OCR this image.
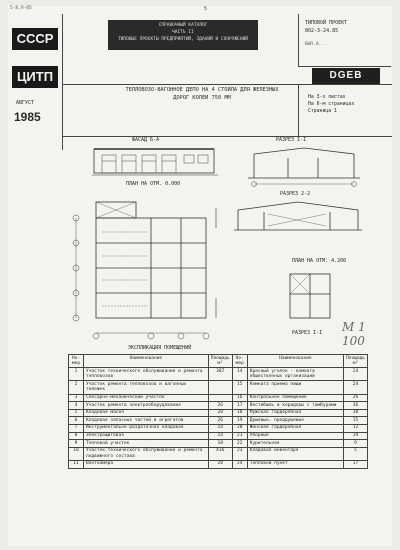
5-8,9-85	5
СССР
ЦИТП
АВГУСТ
1985
СПРАВОЧНЫЙ КАТАЛОГ
ЧАСТЬ II
ТИПОВЫЕ ПРОЕКТЫ ПРЕДПРИЯТИЙ, ЗДАНИЙ И СООРУЖЕНИЙ
ТИПОВОЙ ПРОЕКТ
802-3-24.85
ВЫП.0...
DGEB
ТЕПЛОВОЗО-ВАГОННОЕ ДЕПО НА 4 СТОЙЛА ДЛЯ ЖЕЛЕЗНЫХ
ДОРОГ КОЛЕИ 750 ММ	На 3-х листах
На 6-м страницах
Страница 1
ФАСАД Б-А
ПЛАН НА ОТМ. 0.000
РАЗРЕЗ I-I
РАЗРЕЗ 2-2
ПЛАН НА ОТМ. 4.200
РАЗРЕЗ I-I М 1 100
ЭКСПЛИКАЦИЯ ПОМЕЩЕНИЙ
Но- мер	Наименование	Площадь м²	Но- мер	Наименование	Площадь м²
1	Участок технического обслуживания и ремонта тепловозов	387	14	Красный уголок - комната общественных организаций	24
2	Участок ремонта тепловозов и вагонных тележек		15	Комната приема пищи	24
3	Слесарно-механический участок		16	Контрольное помещение	26
4	Участок ремонта электрооборудования	26	17	Вестибюль и коридоры с тамбурами	36
5	Кладовая масел	20	18	Мужская гардеробная	38
6	Кладовая запасных частей и агрегатов	26	19	Душевые, преддушевые	15
7	Инструментально-раздаточная кладовая	14	20	Женская гардеробная	12
8	Электрощитовая	14	21	Уборные	19
9	Тепловой участок	18	22	Курительная	9
10	Участок технического обслуживания и ремонта подвижного состава	416	23	Кладовая инвентаря	5
11	Венткамера	28	24	Тепловой пункт	17
